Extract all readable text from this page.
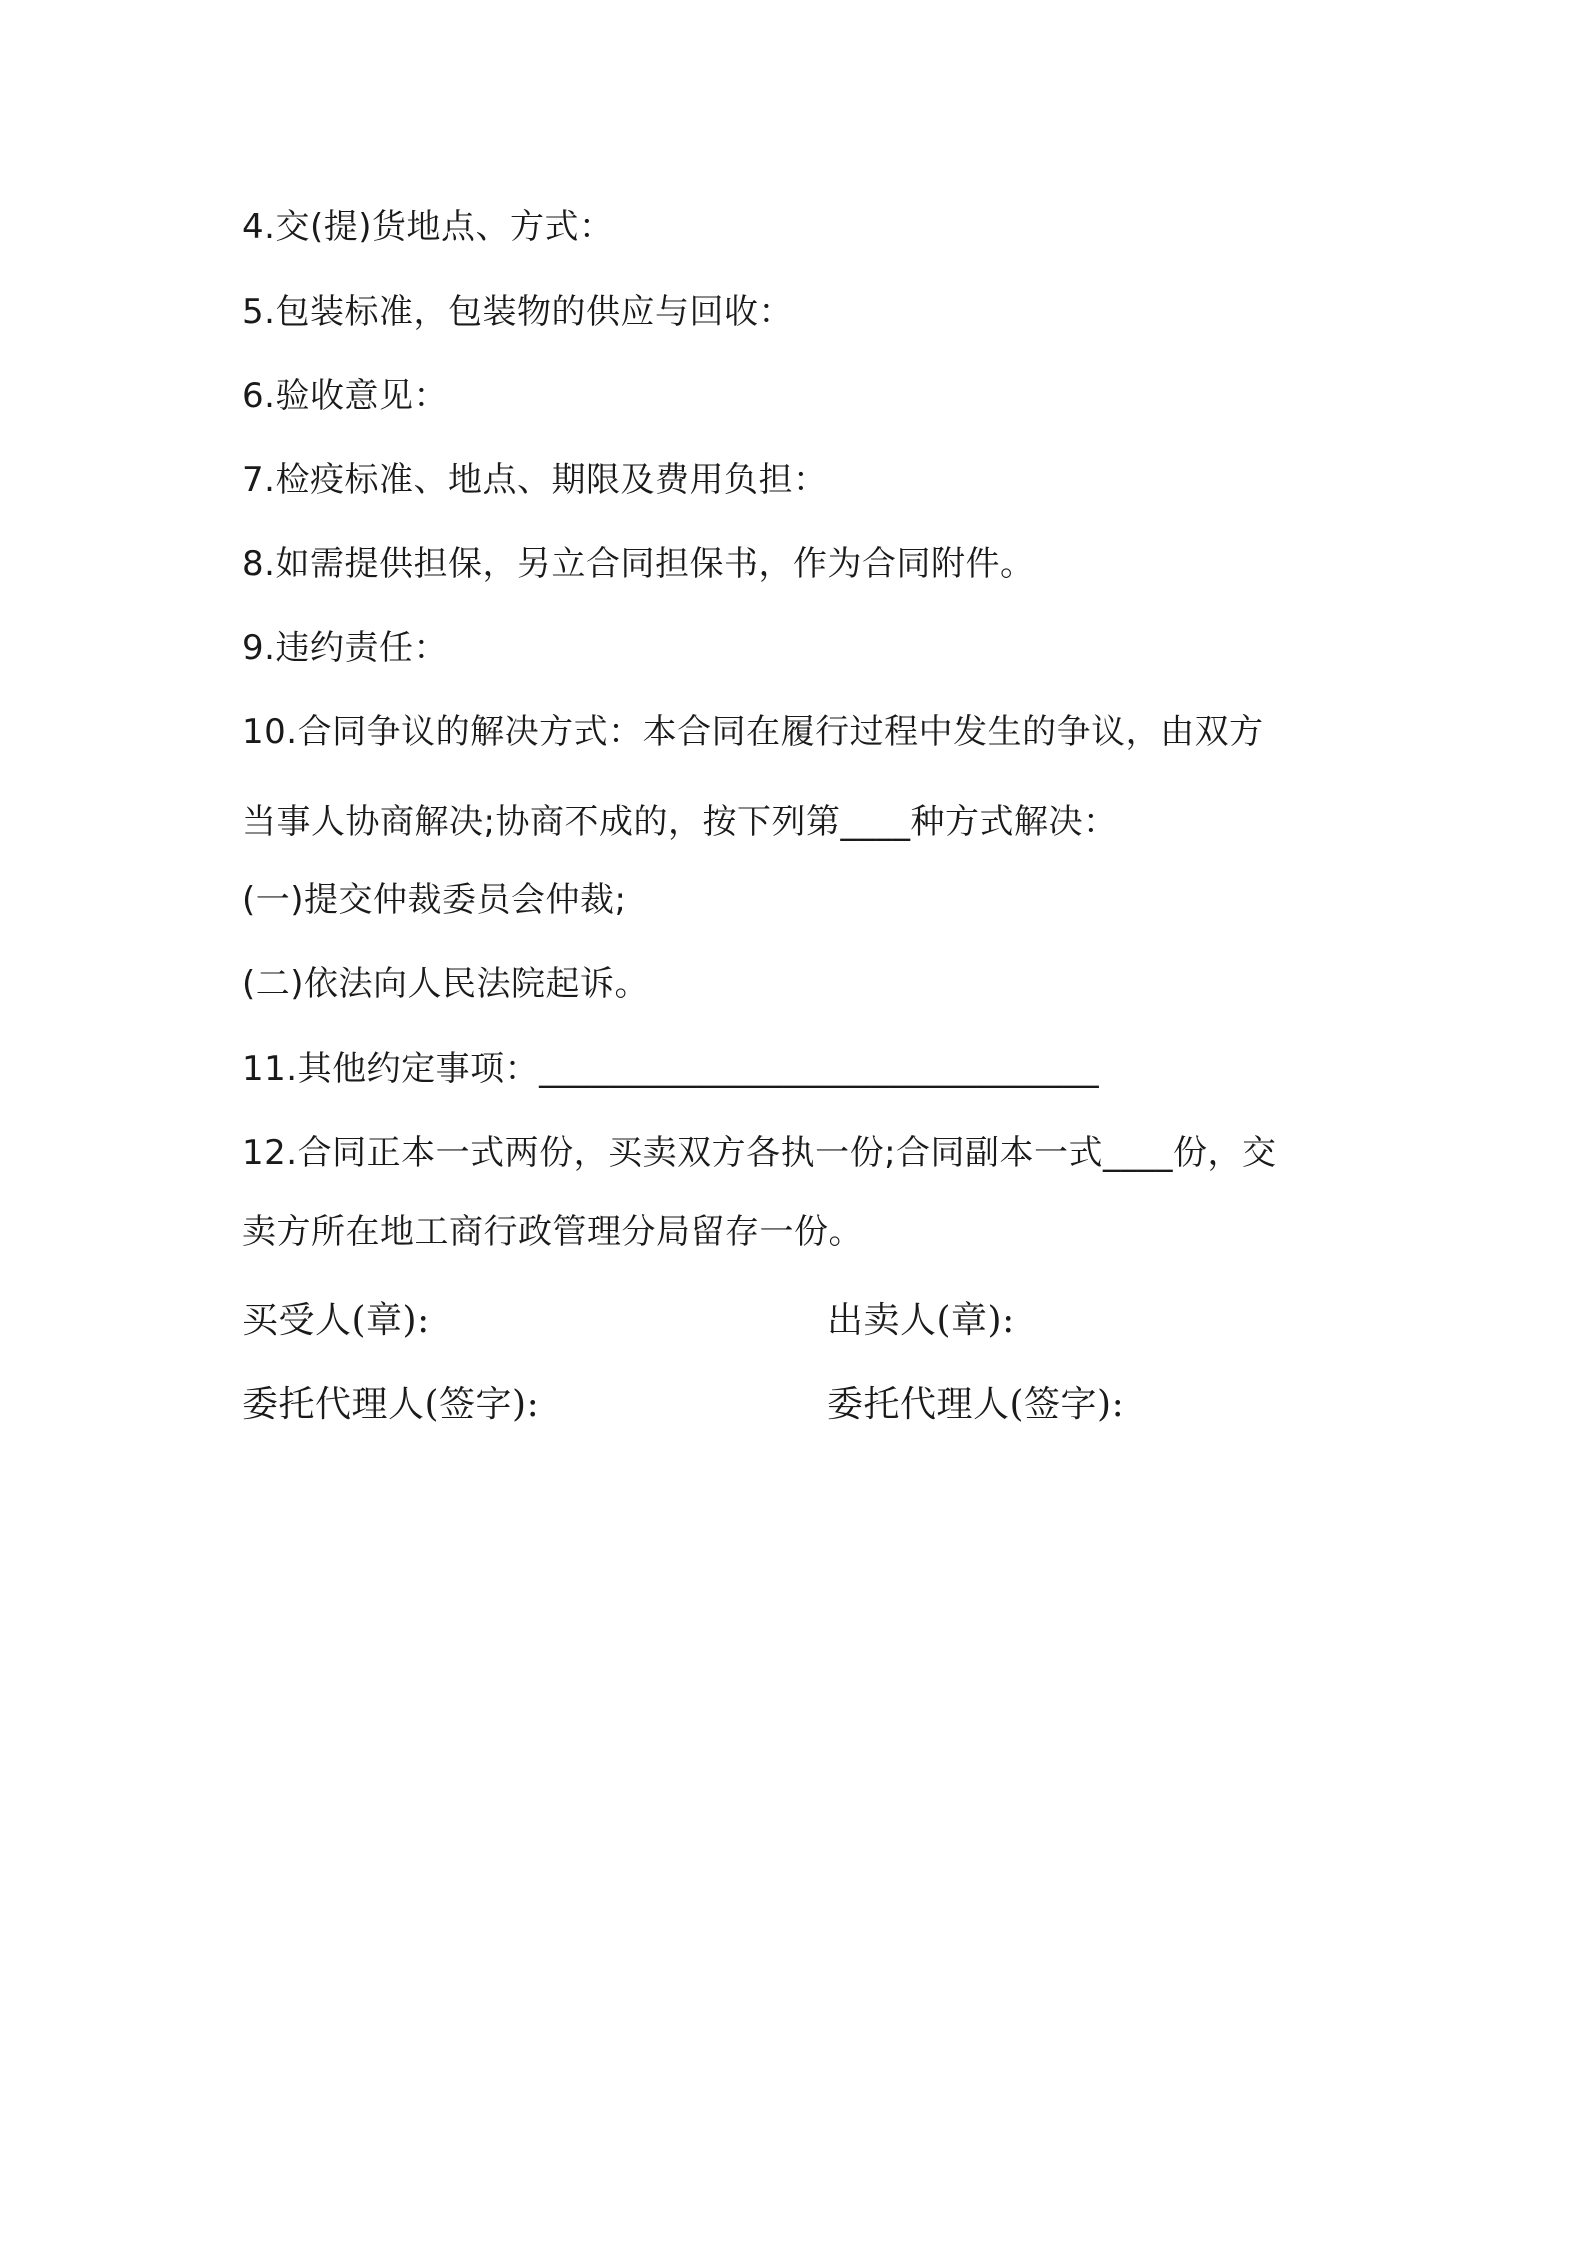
4.交(提)货地点、方式：
5.包装标准，包装物的供应与回收：
6.验收意见：
7.检疫标准、地点、期限及费用负担：
8.如需提供担保，另立合同担保书，作为合同附件。
9.违约责任：
10.合同争议的解决方式：本合同在履行过程中发生的争议，由双方
当事人协商解决;协商不成的，按下列第____种方式解决：
(一)提交仲裁委员会仲裁;
(二)依法向人民法院起诉。
11.其他约定事项：________________________________
12.合同正本一式两份，买卖双方各执一份;合同副本一式____份，交
卖方所在地工商行政管理分局留存一份。
买受人(章):	出卖人(章):
委托代理人(签字):	委托代理人(签字):
